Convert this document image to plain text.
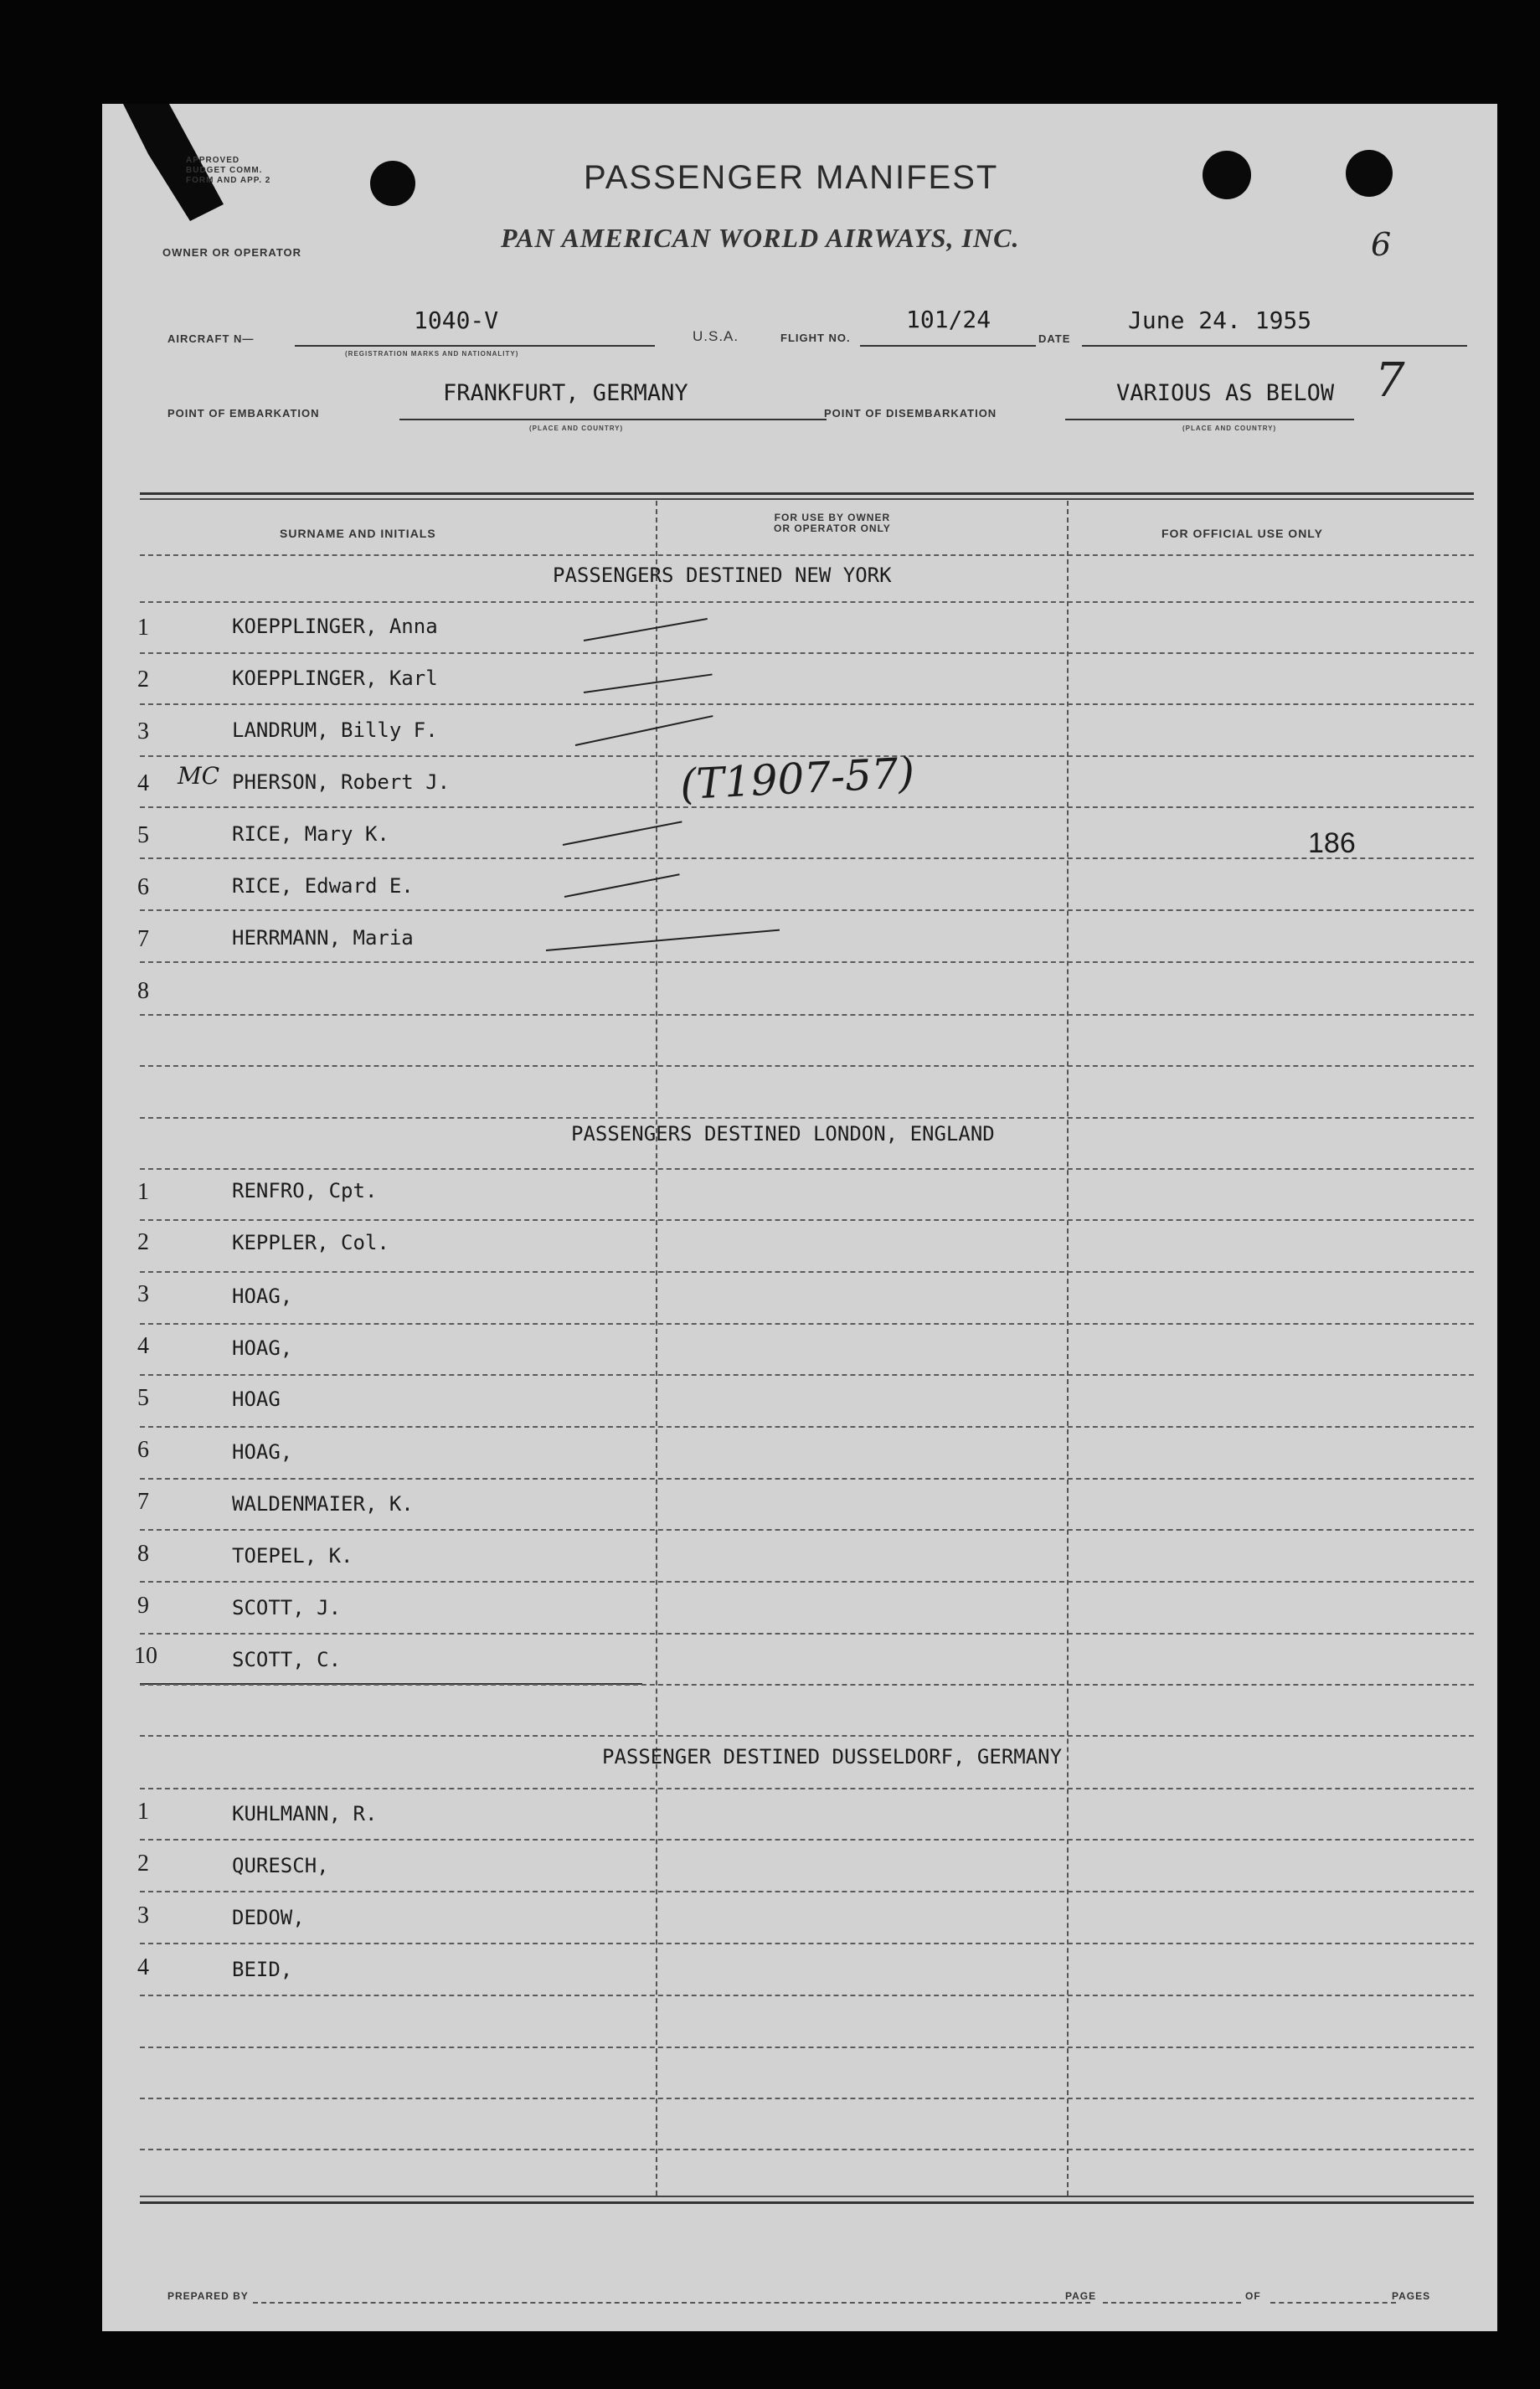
APPROVED
BUDGET COMM.
FORM AND APP. 2	PASSENGER MANIFEST
PAN AMERICAN WORLD AIRWAYS, INC.
OWNER OR OPERATOR	6
7
AIRCRAFT N—
1040-V
(REGISTRATION MARKS AND NATIONALITY)
U.S.A.	FLIGHT NO.
101/24
DATE
June 24. 1955
POINT OF EMBARKATION
FRANKFURT, GERMANY
(PLACE AND COUNTRY)
POINT OF DISEMBARKATION
VARIOUS AS BELOW
(PLACE AND COUNTRY)
SURNAME AND INITIALS
FOR USE BY OWNER
OR OPERATOR ONLY	FOR OFFICIAL USE ONLY
PASSENGERS DESTINED NEW YORK
1	KOEPPLINGER, Anna
2	KOEPPLINGER, Karl
3	LANDRUM, Billy F.
4	MC PHERSON, Robert J.
5	RICE, Mary K.
6	RICE, Edward E.
7	HERRMANN, Maria
8
(T1907-57)
186
PASSENGERS DESTINED LONDON, ENGLAND
1	RENFRO, Cpt.
2	KEPPLER, Col.
3	HOAG,
4	HOAG,
5	HOAG
6	HOAG,
7	WALDENMAIER, K.
8	TOEPEL, K.
9	SCOTT, J.
10	SCOTT, C.
PASSENGER DESTINED DUSSELDORF, GERMANY
1	KUHLMANN, R.
2	QURESCH,
3	DEDOW,
4	BEID,
PREPARED BY	PAGE	OF	PAGES
